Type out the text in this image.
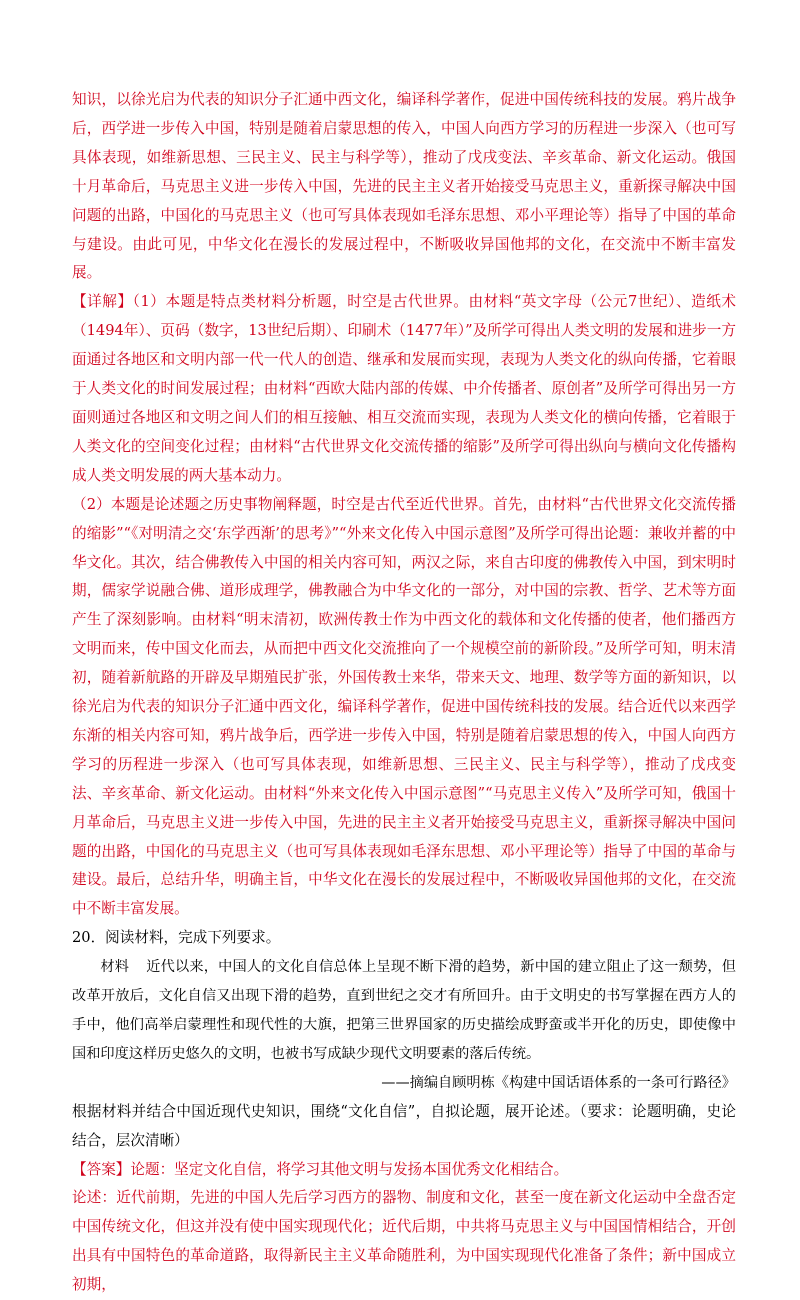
知识，以徐光启为代表的知识分子汇通中西文化，编译科学著作，促进中国传统科技的发展。鸦片战争后，西学进一步传入中国，特别是随着启蒙思想的传入，中国人向西方学习的历程进一步深入（也可写具体表现，如维新思想、三民主义、民主与科学等），推动了戊戌变法、辛亥革命、新文化运动。俄国十月革命后，马克思主义进一步传入中国，先进的民主主义者开始接受马克思主义，重新探寻解决中国问题的出路，中国化的马克思主义（也可写具体表现如毛泽东思想、邓小平理论等）指导了中国的革命与建设。由此可见，中华文化在漫长的发展过程中，不断吸收异国他邦的文化，在交流中不断丰富发展。

【详解】（1）本题是特点类材料分析题，时空是古代世界。由材料“英文字母（公元7世纪）、造纸术（1494年）、页码（数字，13世纪后期）、印刷术（1477年）”及所学可得出人类文明的发展和进步一方面通过各地区和文明内部一代一代人的创造、继承和发展而实现，表现为人类文化的纵向传播，它着眼于人类文化的时间发展过程；由材料“西欧大陆内部的传媒、中介传播者、原创者”及所学可得出另一方面则通过各地区和文明之间人们的相互接触、相互交流而实现，表现为人类文化的横向传播，它着眼于人类文化的空间变化过程；由材料“古代世界文化交流传播的缩影”及所学可得出纵向与横向文化传播构成人类文明发展的两大基本动力。

（2）本题是论述题之历史事物阐释题，时空是古代至近代世界。首先，由材料“古代世界文化交流传播的缩影”“《对明清之交‘东学西渐’的思考》”“外来文化传入中国示意图”及所学可得出论题：兼收并蓄的中华文化。其次，结合佛教传入中国的相关内容可知，两汉之际，来自古印度的佛教传入中国，到宋明时期，儒家学说融合佛、道形成理学，佛教融合为中华文化的一部分，对中国的宗教、哲学、艺术等方面产生了深刻影响。由材料“明末清初，欧洲传教士作为中西文化的载体和文化传播的使者，他们播西方文明而来，传中国文化而去，从而把中西文化交流推向了一个规模空前的新阶段。”及所学可知，明末清初，随着新航路的开辟及早期殖民扩张，外国传教士来华，带来天文、地理、数学等方面的新知识，以徐光启为代表的知识分子汇通中西文化，编译科学著作，促进中国传统科技的发展。结合近代以来西学东渐的相关内容可知，鸦片战争后，西学进一步传入中国，特别是随着启蒙思想的传入，中国人向西方学习的历程进一步深入（也可写具体表现，如维新思想、三民主义、民主与科学等），推动了戊戌变法、辛亥革命、新文化运动。由材料“外来文化传入中国示意图”“马克思主义传入”及所学可知，俄国十月革命后，马克思主义进一步传入中国，先进的民主主义者开始接受马克思主义，重新探寻解决中国问题的出路，中国化的马克思主义（也可写具体表现如毛泽东思想、邓小平理论等）指导了中国的革命与建设。最后，总结升华，明确主旨，中华文化在漫长的发展过程中，不断吸收异国他邦的文化，在交流中不断丰富发展。

20．阅读材料，完成下列要求。

材料 近代以来，中国人的文化自信总体上呈现不断下滑的趋势，新中国的建立阻止了这一颓势，但改革开放后，文化自信又出现下滑的趋势，直到世纪之交才有所回升。由于文明史的书写掌握在西方人的手中，他们高举启蒙理性和现代性的大旗，把第三世界国家的历史描绘成野蛮或半开化的历史，即使像中国和印度这样历史悠久的文明，也被书写成缺少现代文明要素的落后传统。

——摘编自顾明栋《构建中国话语体系的一条可行路径》

根据材料并结合中国近现代史知识，围绕“文化自信”，自拟论题，展开论述。（要求：论题明确，史论结合，层次清晰）

【答案】论题：坚定文化自信，将学习其他文明与发扬本国优秀文化相结合。

论述：近代前期，先进的中国人先后学习西方的器物、制度和文化，甚至一度在新文化运动中全盘否定中国传统文化，但这并没有使中国实现现代化；近代后期，中共将马克思主义与中国国情相结合，开创出具有中国特色的革命道路，取得新民主主义革命随胜利，为中国实现现代化准备了条件；新中国成立初期，
